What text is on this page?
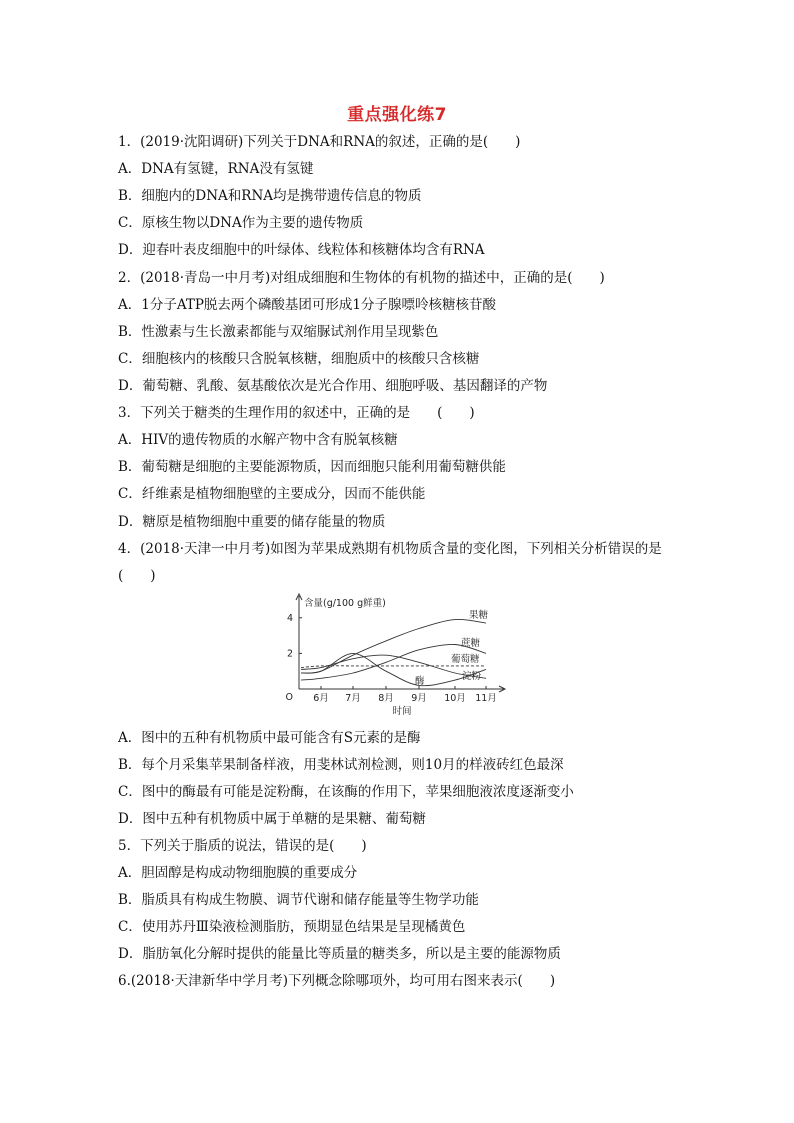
重点强化练7
1．(2019·沈阳调研)下列关于DNA和RNA的叙述，正确的是(　　)
A．DNA有氢键，RNA没有氢键
B．细胞内的DNA和RNA均是携带遗传信息的物质
C．原核生物以DNA作为主要的遗传物质
D．迎春叶表皮细胞中的叶绿体、线粒体和核糖体均含有RNA
2．(2018·青岛一中月考)对组成细胞和生物体的有机物的描述中，正确的是(　　)
A．1分子ATP脱去两个磷酸基团可形成1分子腺嘌呤核糖核苷酸
B．性激素与生长激素都能与双缩脲试剂作用呈现紫色
C．细胞核内的核酸只含脱氧核糖，细胞质中的核酸只含核糖
D．葡萄糖、乳酸、氨基酸依次是光合作用、细胞呼吸、基因翻译的产物
3．下列关于糖类的生理作用的叙述中，正确的是　　(　　)
A．HIV的遗传物质的水解产物中含有脱氧核糖
B．葡萄糖是细胞的主要能源物质，因而细胞只能利用葡萄糖供能
C．纤维素是植物细胞壁的主要成分，因而不能供能
D．糖原是植物细胞中重要的储存能量的物质
4．(2018·天津一中月考)如图为苹果成熟期有机物质含量的变化图，下列相关分析错误的是
(　　)
2
4
含量(g/100 g鲜重)
O 6月 7月 8月 9月 10月 11月
时间
果糖
蔗糖
葡萄糖
淀粉
酶
A．图中的五种有机物质中最可能含有S元素的是酶
B．每个月采集苹果制备样液，用斐林试剂检测，则10月的样液砖红色最深
C．图中的酶最有可能是淀粉酶，在该酶的作用下，苹果细胞液浓度逐渐变小
D．图中五种有机物质中属于单糖的是果糖、葡萄糖
5．下列关于脂质的说法，错误的是(　　)
A．胆固醇是构成动物细胞膜的重要成分
B．脂质具有构成生物膜、调节代谢和储存能量等生物学功能
C．使用苏丹Ⅲ染液检测脂肪，预期显色结果是呈现橘黄色
D．脂肪氧化分解时提供的能量比等质量的糖类多，所以是主要的能源物质
6.(2018·天津新华中学月考)下列概念除哪项外，均可用右图来表示(　　)
